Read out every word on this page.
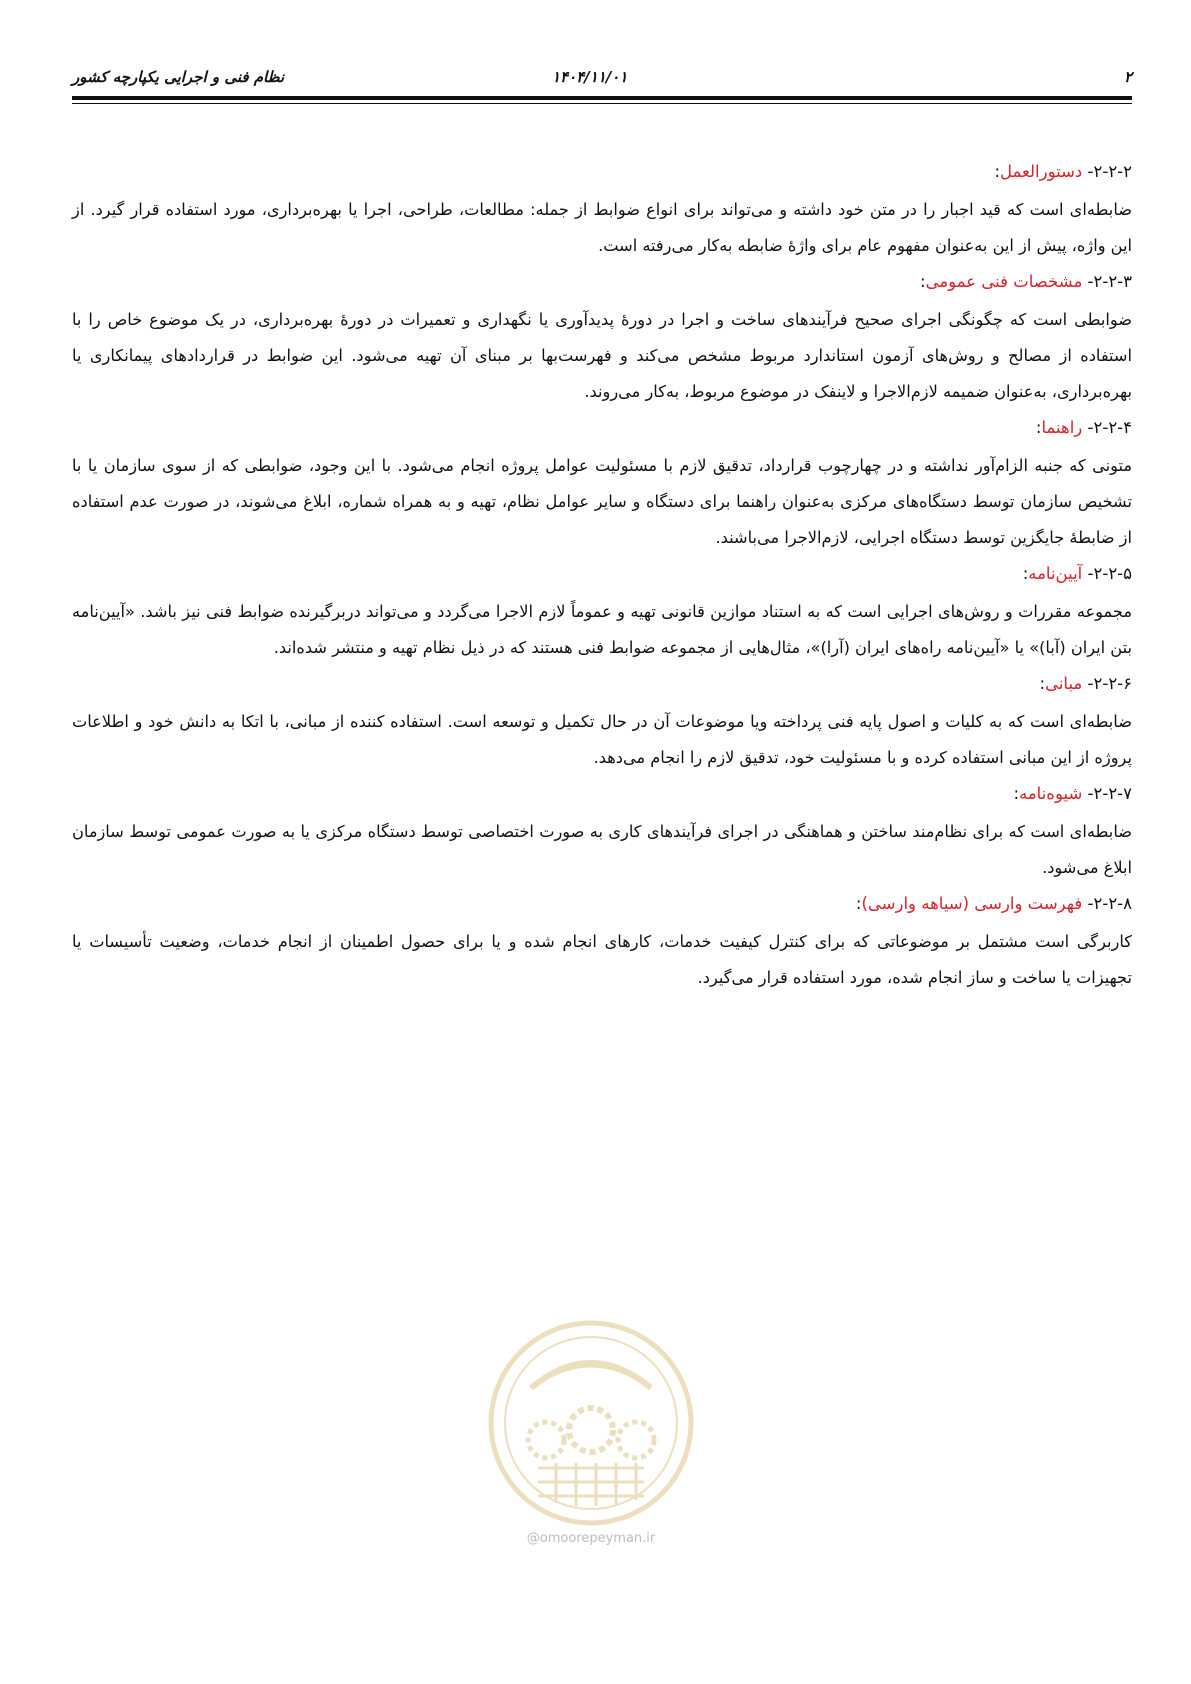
۲
۱۴۰۴/۱۱/۰۱
نظام فنی و اجرایی یکپارچه کشور
۲-۲-۲- دستورالعمل:

ضابطه‌ای است که قید اجبار را در متن خود داشته و می‌تواند برای انواع ضوابط از جمله: مطالعات، طراحی، اجرا یا بهره‌برداری، مورد استفاده قرار گیرد. از این واژه، پیش از این به‌عنوان مفهوم عام برای واژهٔ ضابطه به‌کار می‌رفته است.

۲-۲-۳- مشخصات فنی عمومی:

ضوابطی است که چگونگی اجرای صحیح فرآیندهای ساخت و اجرا در دورهٔ پدیدآوری یا نگهداری و تعمیرات در دورهٔ بهره‌برداری، در یک موضوع خاص را با استفاده از مصالح و روش‌های آزمون استاندارد مربوط مشخص می‌کند و فهرست‌بها بر مبنای آن تهیه می‌شود. این ضوابط در قراردادهای پیمانکاری یا بهره‌برداری، به‌عنوان ضمیمه لازم‌الاجرا و لاینفک در موضوع مربوط، به‌کار می‌روند.

۲-۲-۴- راهنما:

متونی که جنبه الزام‌آور نداشته و در چهارچوب قرارداد، تدقیق لازم با مسئولیت عوامل پروژه انجام می‌شود. با این وجود، ضوابطی که از سوی سازمان یا با تشخیص سازمان توسط دستگاه‌های مرکزی به‌عنوان راهنما برای دستگاه و سایر عوامل نظام، تهیه و به همراه شماره، ابلاغ می‌شوند، در صورت عدم استفاده از ضابطهٔ جایگزین توسط دستگاه اجرایی، لازم‌الاجرا می‌باشند.

۲-۲-۵- آیین‌نامه:

مجموعه مقررات و روش‌های اجرایی است که به استناد موازین قانونی تهیه و عموماً لازم الاجرا می‌گردد و می‌تواند دربرگیرنده ضوابط فنی نیز باشد. «آیین‌نامه بتن ایران (آبا)» یا «آیین‌نامه راه‌های ایران (آرا)»، مثال‌هایی از مجموعه ضوابط فنی هستند که در ذیل نظام تهیه و منتشر شده‌اند.

۲-۲-۶- مبانی:

ضابطه‌ای است که به کلیات و اصول پایه فنی پرداخته ویا موضوعات آن در حال تکمیل و توسعه است. استفاده کننده از مبانی، با اتکا به دانش خود و اطلاعات پروژه از این مبانی استفاده کرده و با مسئولیت خود، تدقیق لازم را انجام می‌دهد.

۲-۲-۷- شیوه‌نامه:

ضابطه‌ای است که برای نظام‌مند ساختن و هماهنگی در اجرای فرآیندهای کاری به صورت اختصاصی توسط دستگاه مرکزی یا به صورت عمومی توسط سازمان ابلاغ می‌شود.

۲-۲-۸- فهرست وارسی (سیاهه وارسی):

کاربرگی است مشتمل بر موضوعاتی که برای کنترل کیفیت خدمات، کارهای انجام شده و یا برای حصول اطمینان از انجام خدمات، وضعیت تأسیسات یا تجهیزات یا ساخت و ساز انجام شده، مورد استفاده قرار می‌گیرد.

@omoorepeyman.ir
